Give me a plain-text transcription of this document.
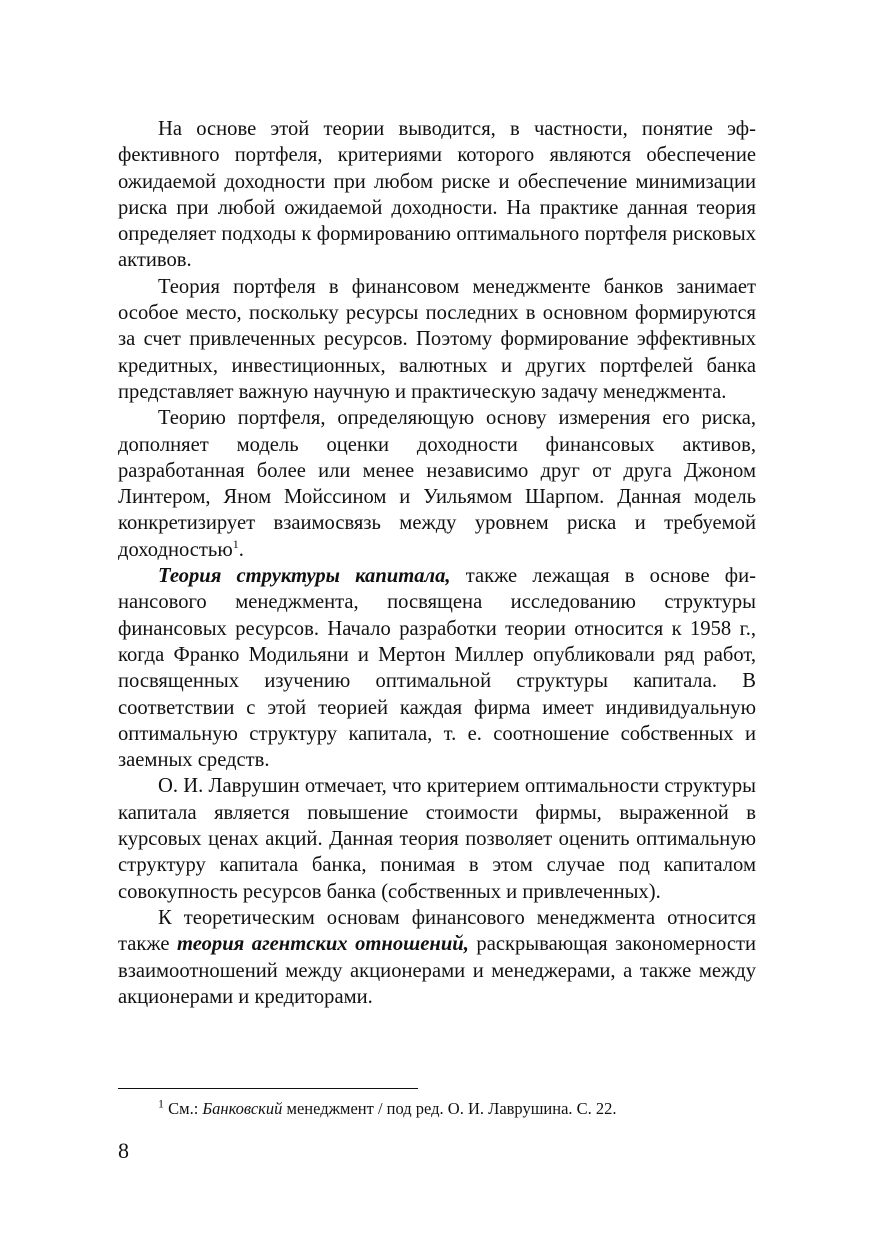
На основе этой теории выводится, в частности, понятие эффективного портфеля, критериями которого являются обеспечение ожидаемой доходности при любом риске и обеспечение минимизации риска при любой ожидаемой доходности. На практике данная теория определяет подходы к формированию оптимального портфеля рисковых активов.

Теория портфеля в финансовом менеджменте банков занимает особое место, поскольку ресурсы последних в основном формируются за счет привлеченных ресурсов. Поэтому формирование эффективных кредитных, инвестиционных, валютных и других портфелей банка представляет важную научную и практическую задачу менеджмента.

Теорию портфеля, определяющую основу измерения его риска, дополняет модель оценки доходности финансовых активов, разработанная более или менее независимо друг от друга Джоном Линтером, Яном Мойссином и Уильямом Шарпом. Данная модель конкретизирует взаимосвязь между уровнем риска и требуемой доходностью$^1$.

Теория структуры капитала, также лежащая в основе финансового менеджмента, посвящена исследованию структуры финансовых ресурсов. Начало разработки теории относится к 1958 г., когда Франко Модильяни и Мертон Миллер опубликовали ряд работ, посвященных изучению оптимальной структуры капитала. В соответствии с этой теорией каждая фирма имеет индивидуальную оптимальную структуру капитала, т. е. соотношение собственных и заемных средств.

О. И. Лаврушин отмечает, что критерием оптимальности структуры капитала является повышение стоимости фирмы, выраженной в курсовых ценах акций. Данная теория позволяет оценить оптимальную структуру капитала банка, понимая в этом случае под капиталом совокупность ресурсов банка (собственных и привлеченных).

К теоретическим основам финансового менеджмента относится также теория агентских отношений, раскрывающая закономерности взаимоотношений между акционерами и менеджерами, а также между акционерами и кредиторами.

$^1$ См.: Банковский менеджмент / под ред. О. И. Лаврушина. С. 22.
8
